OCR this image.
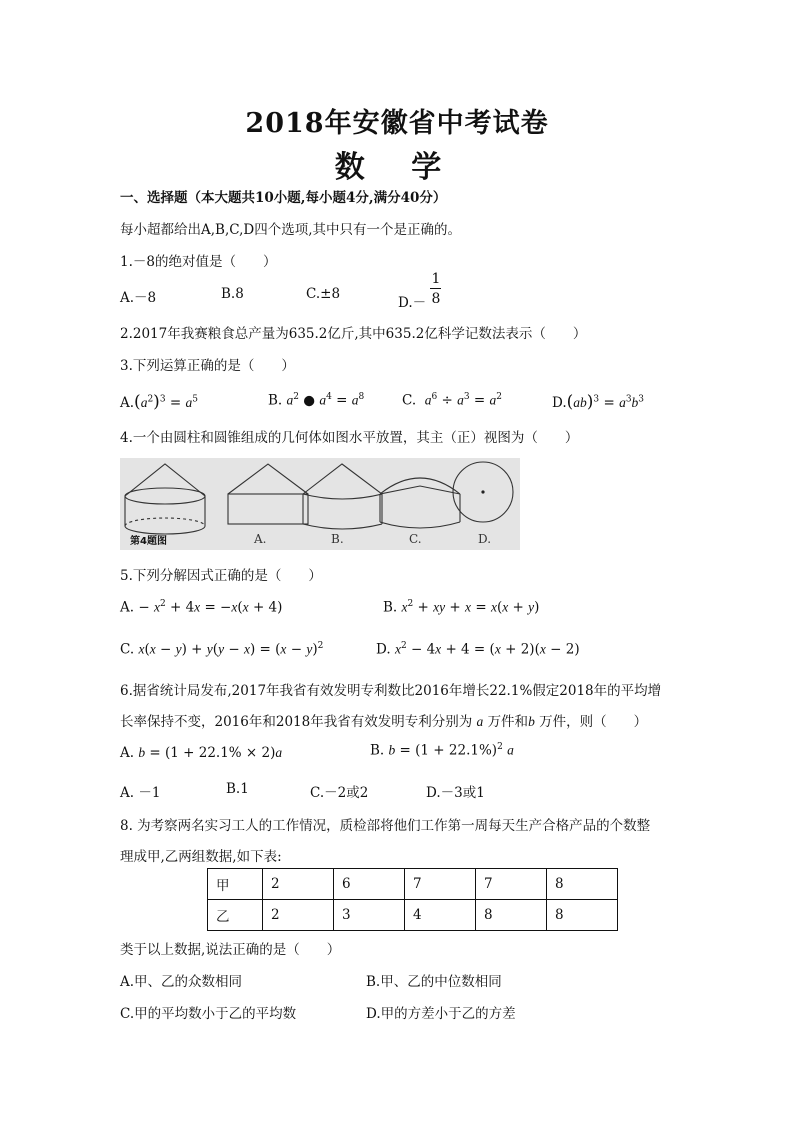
2018年安徽省中考试卷
数 学
一、选择题（本大题共10小题,每小题4分,满分40分）
每小超都给出A,B,C,D四个选项,其中只有一个是正确的。
1.－8的绝对值是（　　）
A.－8	B.8	C.±8
$D.- \frac{1}{8}$
2.2017年我赛粮食总产量为635.2亿斤,其中635.2亿科学记数法表示（　　）
3.下列运算正确的是（　　）
$A.(a^2)^3 = a^5$	B. $a^2$ ● $a^4 = a^8$	C.  $a^6 \div a^3 = a^2$	$D.(ab)^3 = a^3b^3$
4.一个由圆柱和圆锥组成的几何体如图水平放置，其主（正）视图为（　　）
第4题图	A.	B.	C.	D.
5.下列分解因式正确的是（　　）
A. − $x^2 + 4x = -x(x + 4)$	B. $x^2$ + xy + x = x(x + y)
C. $x(x - y) + y(y - x) = (x - y)^2$	D. $x^2 - 4x + 4 = (x + 2)(x - 2)$
6.据省统计局发布,2017年我省有效发明专利数比2016年增长22.1%假定2018年的平均增
长率保持不变，2016年和2018年我省有效发明专利分别为 a 万件和b 万件，则（　　）
A. b = (1 + 22.1% × 2)a	B. $b = (1 + 22.1\%)^2$ a
A. －1	B.1	C.－2或2	D.－3或1
8. 为考察两名实习工人的工作情况，质检部将他们工作第一周每天生产合格产品的个数整
理成甲,乙两组数据,如下表:
甲	2	6	7	7	8
乙	2	3	4	8	8
类于以上数据,说法正确的是（　　）
A.甲、乙的众数相同	B.甲、乙的中位数相同
C.甲的平均数小于乙的平均数	D.甲的方差小于乙的方差
